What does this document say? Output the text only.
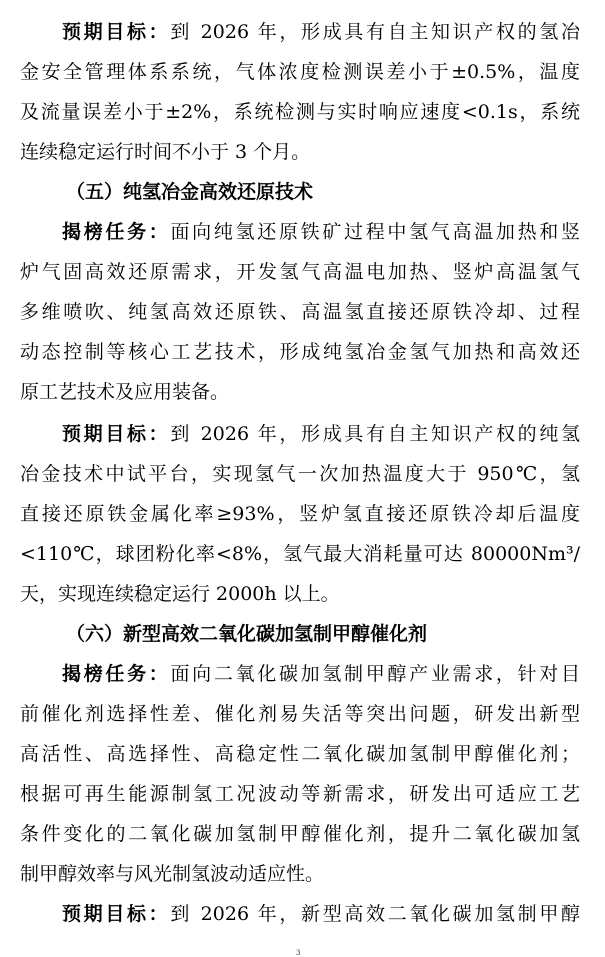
预期目标：到 2026 年，形成具有自主知识产权的氢冶
金安全管理体系系统，气体浓度检测误差小于±0.5%，温度
及流量误差小于±2%，系统检测与实时响应速度<0.1s，系统
连续稳定运行时间不小于 3 个月。
（五）纯氢冶金高效还原技术
揭榜任务：面向纯氢还原铁矿过程中氢气高温加热和竖
炉气固高效还原需求，开发氢气高温电加热、竖炉高温氢气
多维喷吹、纯氢高效还原铁、高温氢直接还原铁冷却、过程
动态控制等核心工艺技术，形成纯氢冶金氢气加热和高效还
原工艺技术及应用装备。
预期目标：到 2026 年，形成具有自主知识产权的纯氢
冶金技术中试平台，实现氢气一次加热温度大于 950℃，氢
直接还原铁金属化率≥93%，竖炉氢直接还原铁冷却后温度
<110℃，球团粉化率<8%，氢气最大消耗量可达 80000Nm³/
天，实现连续稳定运行 2000h 以上。
（六）新型高效二氧化碳加氢制甲醇催化剂
揭榜任务：面向二氧化碳加氢制甲醇产业需求，针对目
前催化剂选择性差、催化剂易失活等突出问题，研发出新型
高活性、高选择性、高稳定性二氧化碳加氢制甲醇催化剂；
根据可再生能源制氢工况波动等新需求，研发出可适应工艺
条件变化的二氧化碳加氢制甲醇催化剂，提升二氧化碳加氢
制甲醇效率与风光制氢波动适应性。
预期目标：到 2026 年，新型高效二氧化碳加氢制甲醇
3
